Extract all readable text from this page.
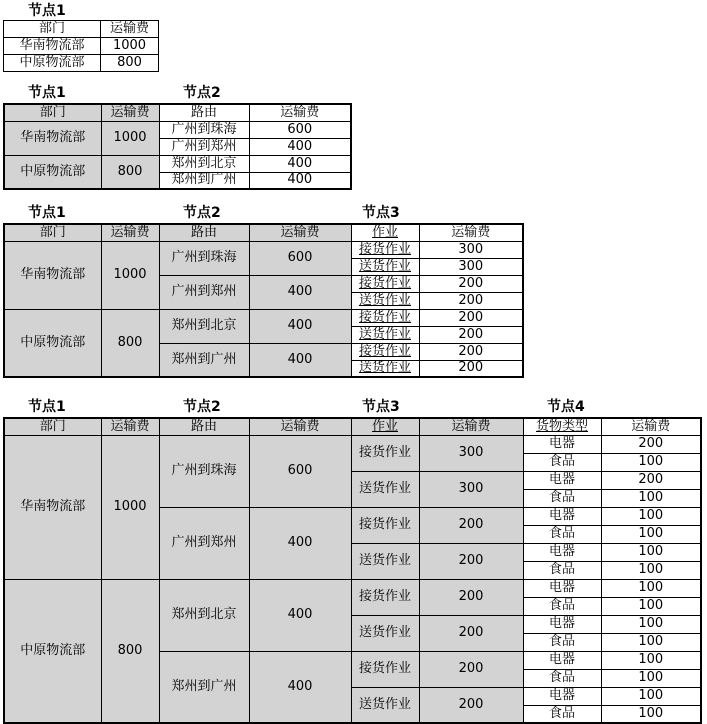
节点1
部门	运输费
华南物流部	1000
中原物流部	800
节点1	节点2
部门	运输费	路由	运输费
华南物流部	1000	广州到珠海	600
		广州到郑州	400
中原物流部	800	郑州到北京	400
		郑州到广州	400
节点1	节点2	节点3
部门	运输费	路由	运输费	作业	运输费
华南物流部	1000	广州到珠海	600	接货作业	300
				送货作业	300
		广州到郑州	400	接货作业	200
				送货作业	200
中原物流部	800	郑州到北京	400	接货作业	200
				送货作业	200
		郑州到广州	400	接货作业	200
				送货作业	200
节点1	节点2	节点3	节点4
部门	运输费	路由	运输费	作业	运输费	货物类型	运输费
华南物流部	1000	广州到珠海	600	接货作业	300	电器	200
						食品	100
				送货作业	300	电器	200
						食品	100
		广州到郑州	400	接货作业	200	电器	100
						食品	100
				送货作业	200	电器	100
						食品	100
中原物流部	800	郑州到北京	400	接货作业	200	电器	100
						食品	100
				送货作业	200	电器	100
						食品	100
		郑州到广州	400	接货作业	200	电器	100
						食品	100
				送货作业	200	电器	100
						食品	100
